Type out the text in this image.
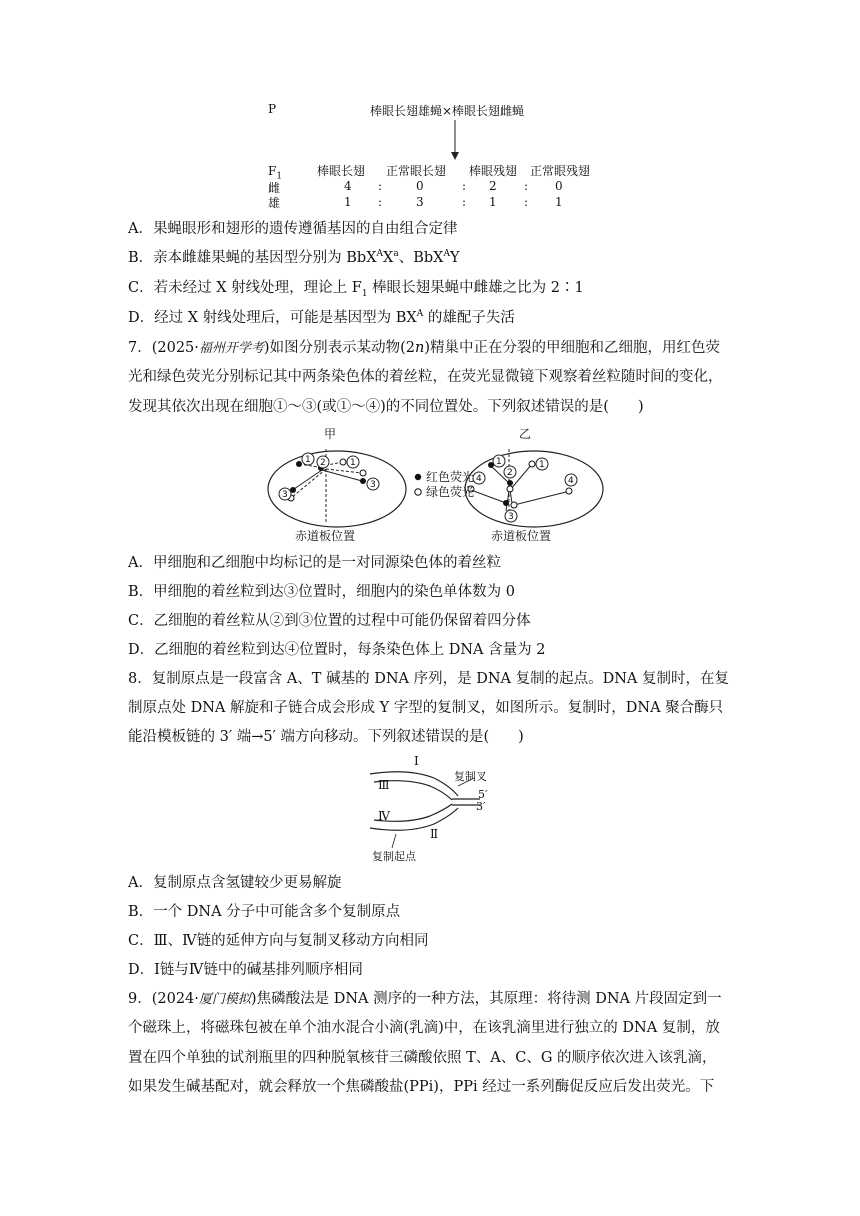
P	棒眼长翅雄蝇×棒眼长翅雌蝇
$F_1$	棒眼长翅 正常眼长翅 棒眼残翅 正常眼残翅
雌	4 :	0	: 2 : 0
雄	1 :	3	: 1 : 1
A．果蝇眼形和翅形的遗传遵循基因的自由组合定律
B．亲本雌雄果蝇的基因型分别为 $BbX^AX^a$、BbX$^A$Y
C．若未经过 X 射线处理，理论上 $F_1$ 棒眼长翅果蝇中雌雄之比为 2∶1
D．经过 X 射线处理后，可能是基因型为 $BX^A$ 的雄配子失活
7．(2025·福州开学考)如图分别表示某动物(2n)精巢中正在分裂的甲细胞和乙细胞，用红色荧
光和绿色荧光分别标记其中两条染色体的着丝粒，在荧光显微镜下观察着丝粒随时间的变化，
发现其依次出现在细胞①～③(或①～④)的不同位置处。下列叙述错误的是(　　)
1 2	1
3
3
1
2
1
4	4
3
甲	乙
红色荧光
绿色荧光
赤道板位置	赤道板位置
A．甲细胞和乙细胞中均标记的是一对同源染色体的着丝粒
B．甲细胞的着丝粒到达③位置时，细胞内的染色单体数为 0
C．乙细胞的着丝粒从②到③位置的过程中可能仍保留着四分体
D．乙细胞的着丝粒到达④位置时，每条染色体上 DNA 含量为 2
8．复制原点是一段富含 A、T 碱基的 DNA 序列，是 DNA 复制的起点。DNA 复制时，在复
制原点处 DNA 解旋和子链合成会形成 Y 字型的复制叉，如图所示。复制时，DNA 聚合酶只
能沿模板链的 3′ 端→5′ 端方向移动。下列叙述错误的是(　　)
Ⅰ
Ⅲ
Ⅳ
Ⅱ
复制叉
5′
3′
复制起点
A．复制原点含氢键较少更易解旋
B．一个 DNA 分子中可能含多个复制原点
C．Ⅲ、Ⅳ链的延伸方向与复制叉移动方向相同
D．Ⅰ链与Ⅳ链中的碱基排列顺序相同
9．(2024·厦门模拟)焦磷酸法是 DNA 测序的一种方法，其原理：将待测 DNA 片段固定到一
个磁珠上，将磁珠包被在单个油水混合小滴(乳滴)中，在该乳滴里进行独立的 DNA 复制，放
置在四个单独的试剂瓶里的四种脱氧核苷三磷酸依照 T、A、C、G 的顺序依次进入该乳滴，
如果发生碱基配对，就会释放一个焦磷酸盐(PPi)，PPi 经过一系列酶促反应后发出荧光。下
